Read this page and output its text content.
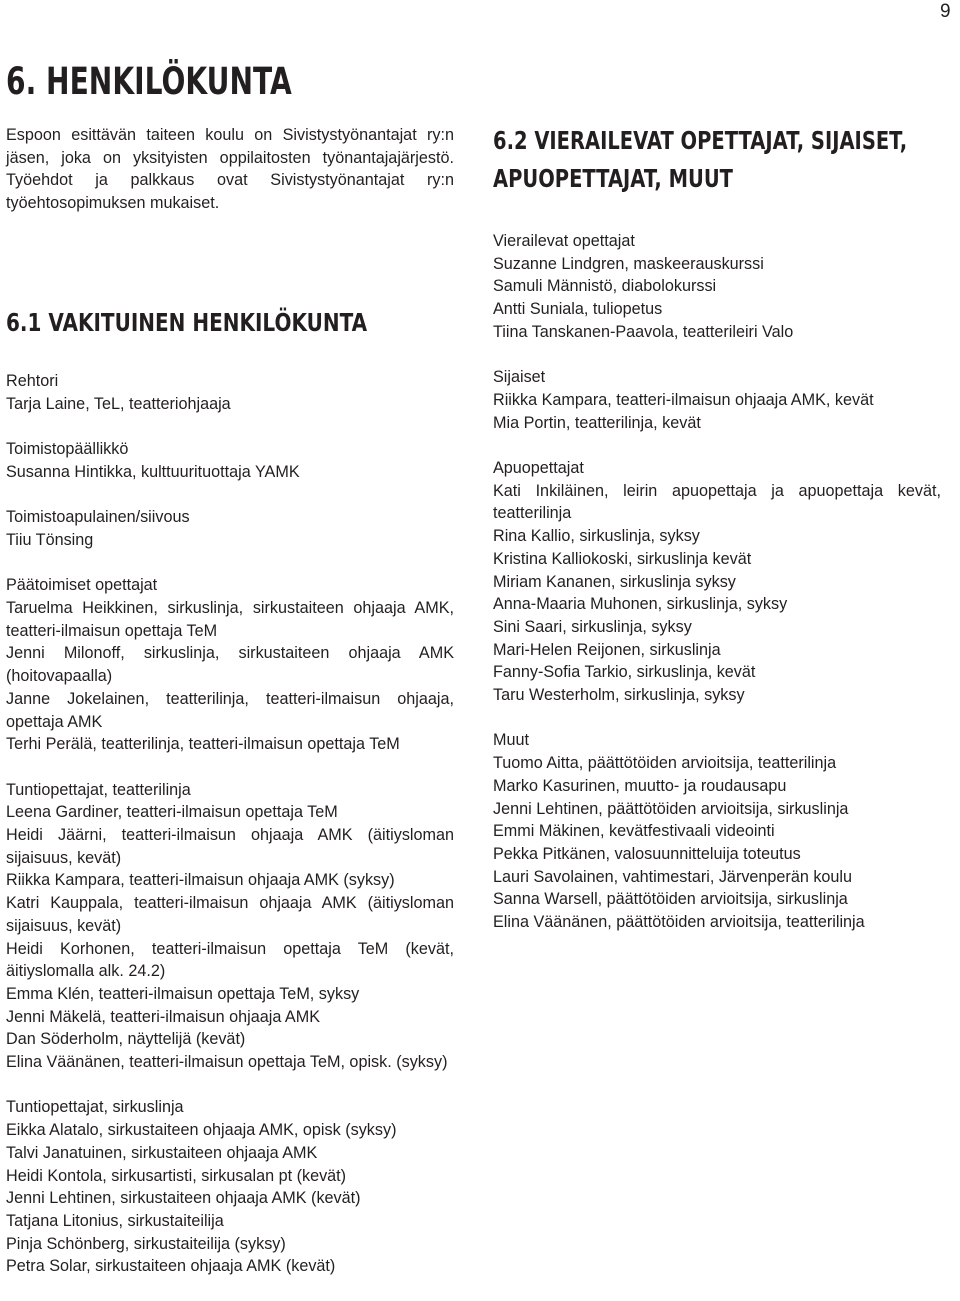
9
6. HENKILÖKUNTA

Espoon esittävän taiteen koulu on Sivistystyönantajat ry:n jäsen, joka on yksityisten oppilaitosten työnantajajärjestö. Työehdot ja palkkaus ovat Sivistystyönantajat ry:n työehtosopimuksen mukaiset.

6.1 VAKITUINEN HENKILÖKUNTA

Rehtori

Tarja Laine, TeL, teatteriohjaaja

Toimistopäällikkö

Susanna Hintikka, kulttuurituottaja YAMK

Toimistoapulainen/siivous

Tiiu Tönsing

Päätoimiset opettajat

Taruelma Heikkinen, sirkuslinja, sirkustaiteen ohjaaja AMK, teatteri-ilmaisun opettaja TeM

Jenni Milonoff, sirkuslinja, sirkustaiteen ohjaaja AMK (hoitovapaalla)

Janne Jokelainen, teatterilinja, teatteri-ilmaisun ohjaaja, opettaja AMK

Terhi Perälä, teatterilinja, teatteri-ilmaisun opettaja TeM

Tuntiopettajat, teatterilinja

Leena Gardiner, teatteri-ilmaisun opettaja TeM

Heidi Jäärni, teatteri-ilmaisun ohjaaja AMK (äitiysloman sijaisuus, kevät)

Riikka Kampara, teatteri-ilmaisun ohjaaja AMK (syksy)

Katri Kauppala, teatteri-ilmaisun ohjaaja AMK (äitiysloman sijaisuus, kevät)

Heidi Korhonen, teatteri-ilmaisun opettaja TeM (kevät, äitiyslomalla alk. 24.2)

Emma Klén, teatteri-ilmaisun opettaja TeM, syksy

Jenni Mäkelä, teatteri-ilmaisun ohjaaja AMK

Dan Söderholm, näyttelijä (kevät)

Elina Väänänen, teatteri-ilmaisun opettaja TeM, opisk. (syksy)

Tuntiopettajat, sirkuslinja

Eikka Alatalo, sirkustaiteen ohjaaja AMK, opisk (syksy)

Talvi Janatuinen, sirkustaiteen ohjaaja AMK

Heidi Kontola, sirkusartisti, sirkusalan pt (kevät)

Jenni Lehtinen, sirkustaiteen ohjaaja AMK (kevät)

Tatjana Litonius, sirkustaiteilija

Pinja Schönberg, sirkustaiteilija (syksy)

Petra Solar, sirkustaiteen ohjaaja AMK (kevät)

6.2 VIERAILEVAT OPETTAJAT, SIJAISET, APUOPETTAJAT, MUUT

Vierailevat opettajat

Suzanne Lindgren, maskeerauskurssi

Samuli Männistö, diabolokurssi

Antti Suniala, tuliopetus

Tiina Tanskanen-Paavola, teatterileiri Valo

Sijaiset

Riikka Kampara, teatteri-ilmaisun ohjaaja AMK, kevät

Mia Portin, teatterilinja, kevät

Apuopettajat

Kati Inkiläinen, leirin apuopettaja ja apuopettaja kevät, teatterilinja

Rina Kallio, sirkuslinja, syksy

Kristina Kalliokoski, sirkuslinja kevät

Miriam Kananen, sirkuslinja syksy

Anna-Maaria Muhonen, sirkuslinja, syksy

Sini Saari, sirkuslinja, syksy

Mari-Helen Reijonen, sirkuslinja

Fanny-Sofia Tarkio, sirkuslinja, kevät

Taru Westerholm, sirkuslinja, syksy

Muut

Tuomo Aitta, päättötöiden arvioitsija, teatterilinja

Marko Kasurinen, muutto- ja roudausapu

Jenni Lehtinen, päättötöiden arvioitsija, sirkuslinja

Emmi Mäkinen, kevätfestivaali videointi

Pekka Pitkänen, valosuunnitteluija toteutus

Lauri Savolainen, vahtimestari, Järvenperän koulu

Sanna Warsell, päättötöiden arvioitsija, sirkuslinja

Elina Väänänen, päättötöiden arvioitsija, teatterilinja
